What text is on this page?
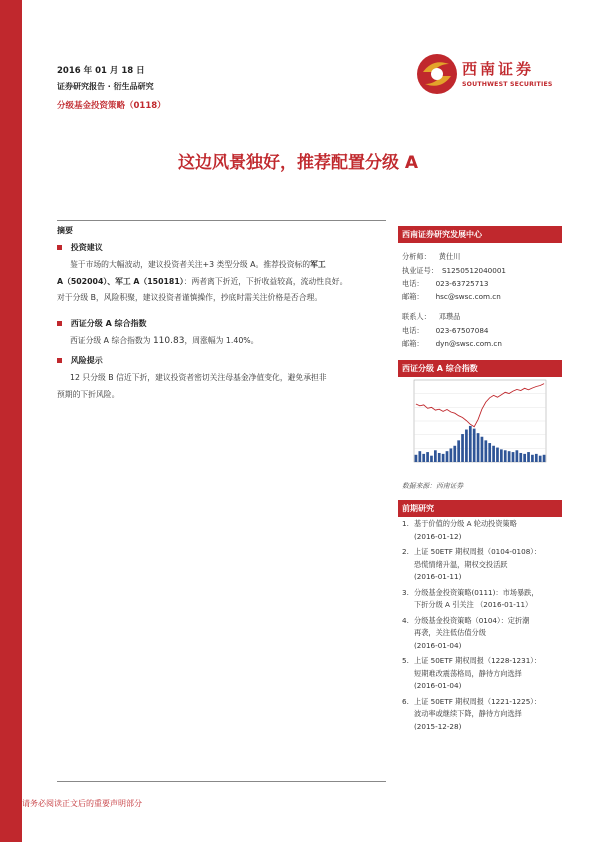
2016 年 01 月 18 日
证券研究报告 · 衍生品研究
分级基金投资策略（0118）
西南证券
SOUTHWEST SECURITIES
这边风景独好，推荐配置分级 A
摘要
投资建议
鉴于市场的大幅波动，建议投资者关注+3 类型分级 A。推荐投资标的军工
A（502004）、军工 A（150181）：两者离下折近，下折收益较高，流动性良好。
对于分级 B，风险积聚，建议投资者谨慎操作，抄底时需关注价格是否合理。
西证分级 A 综合指数
西证分级 A 综合指数为 110.83，周涨幅为 1.40%。
风险提示
12 只分级 B 信近下折，建议投资者密切关注母基金净值变化，避免承担非
预期的下折风险。
西南证券研究发展中心
分析师： 黄仕川
执业证号： S1250512040001
电话： 023-63725713
邮箱： hsc@swsc.com.cn
联系人： 邓瓒品
电话： 023-67507084
邮箱： dyn@swsc.com.cn
西证分级 A 综合指数
数据来源：西南证券
前期研究
1. 基于价值的分级 A 轮动投资策略
(2016-01-12)
2. 上证 50ETF 期权周报（0104-0108）：
恐慌情绪升温，期权交投活跃
(2016-01-11)
3. 分级基金投资策略(0111)：市场暴跌，
下折分级 A 引关注 （2016-01-11）
4. 分级基金投资策略（0104）：定折潮
再袭，关注低估值分级
(2016-01-04)
5. 上证 50ETF 期权周报（1228-1231）：
短期难改震荡格局，静待方向选择
(2016-01-04)
6. 上证 50ETF 期权周报（1221-1225）：
波动率或继续下降，静待方向选择
(2015-12-28)
请务必阅读正文后的重要声明部分
